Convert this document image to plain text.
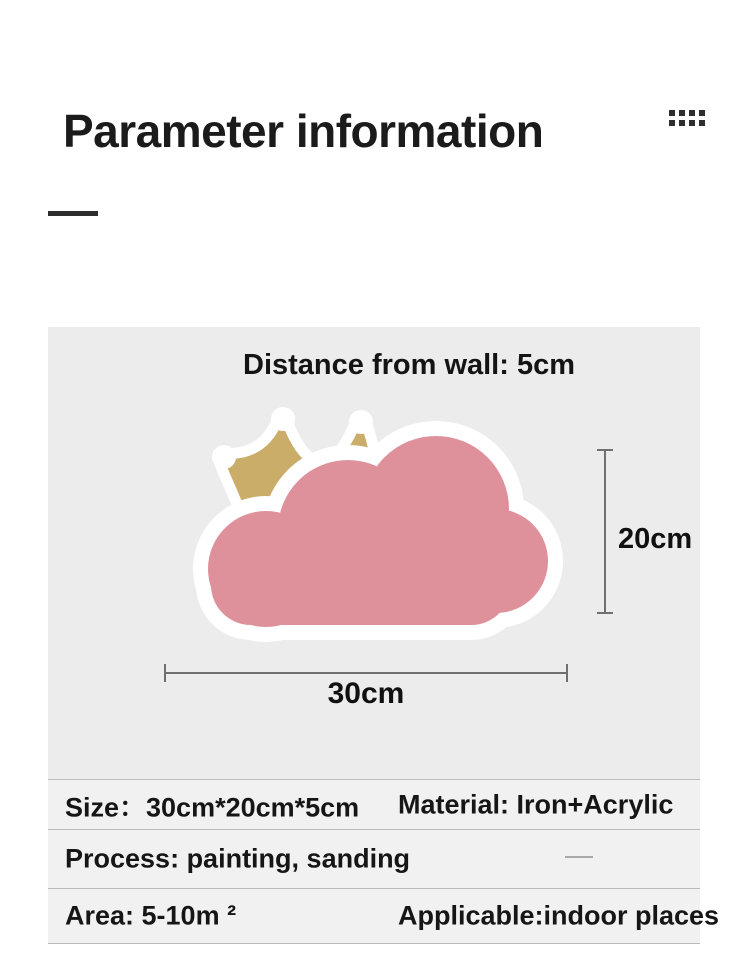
Parameter information
Distance from wall: 5cm
20cm
30cm
Size：30cm*20cm*5cm Material: Iron+Acrylic
Process: painting, sanding
Area: 5-10m ²	Applicable:indoor places
